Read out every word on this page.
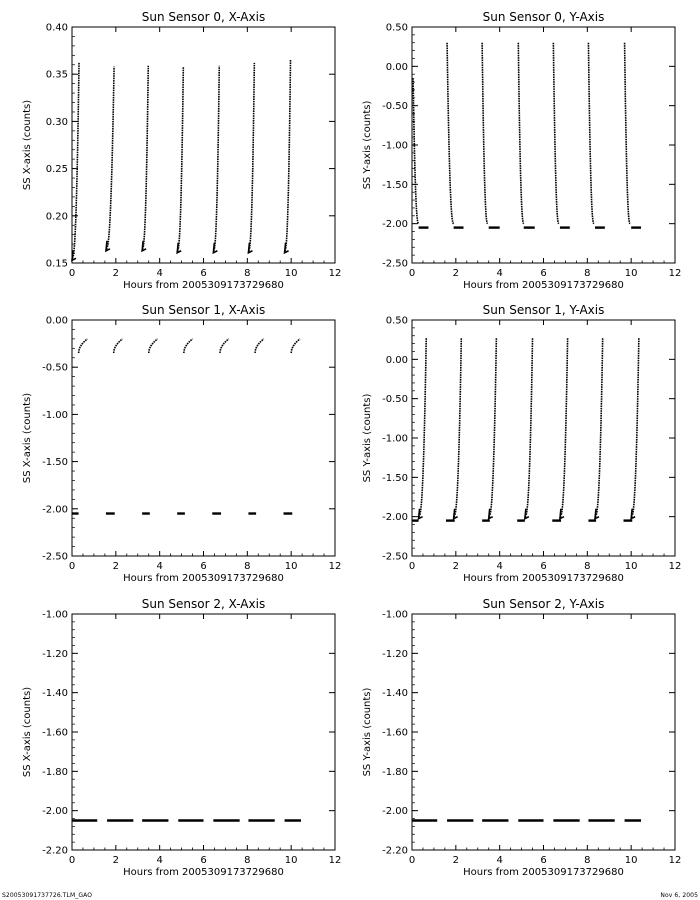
Sun Sensor 0, X-Axis
0	2	4	6	8	10	12
0.15
0.20
0.25
0.30
0.35
0.40
Hours from 2005309173729680
SS X-axis (counts)
Sun Sensor 0, Y-Axis
0	2	4	6	8	10	12
-2.50
-2.00
-1.50
-1.00
-0.50
0.00
0.50
Hours from 2005309173729680
SS Y-axis (counts)
Sun Sensor 1, X-Axis
0	2	4	6	8	10	12
-2.50
-2.00
-1.50
-1.00
-0.50
0.00
Hours from 2005309173729680
SS X-axis (counts)
Sun Sensor 1, Y-Axis
0	2	4	6	8	10	12
-2.50
-2.00
-1.50
-1.00
-0.50
0.00
0.50
Hours from 2005309173729680
SS Y-axis (counts)
Sun Sensor 2, X-Axis
0	2	4	6	8	10	12
-2.20
-2.00
-1.80
-1.60
-1.40
-1.20
-1.00
Hours from 2005309173729680
SS X-axis (counts)
Sun Sensor 2, Y-Axis
0	2	4	6	8	10	12
-2.20
-2.00
-1.80
-1.60
-1.40
-1.20
-1.00
Hours from 2005309173729680
SS Y-axis (counts)
S20053091737726.TLM_GAO	Nov 6, 2005
